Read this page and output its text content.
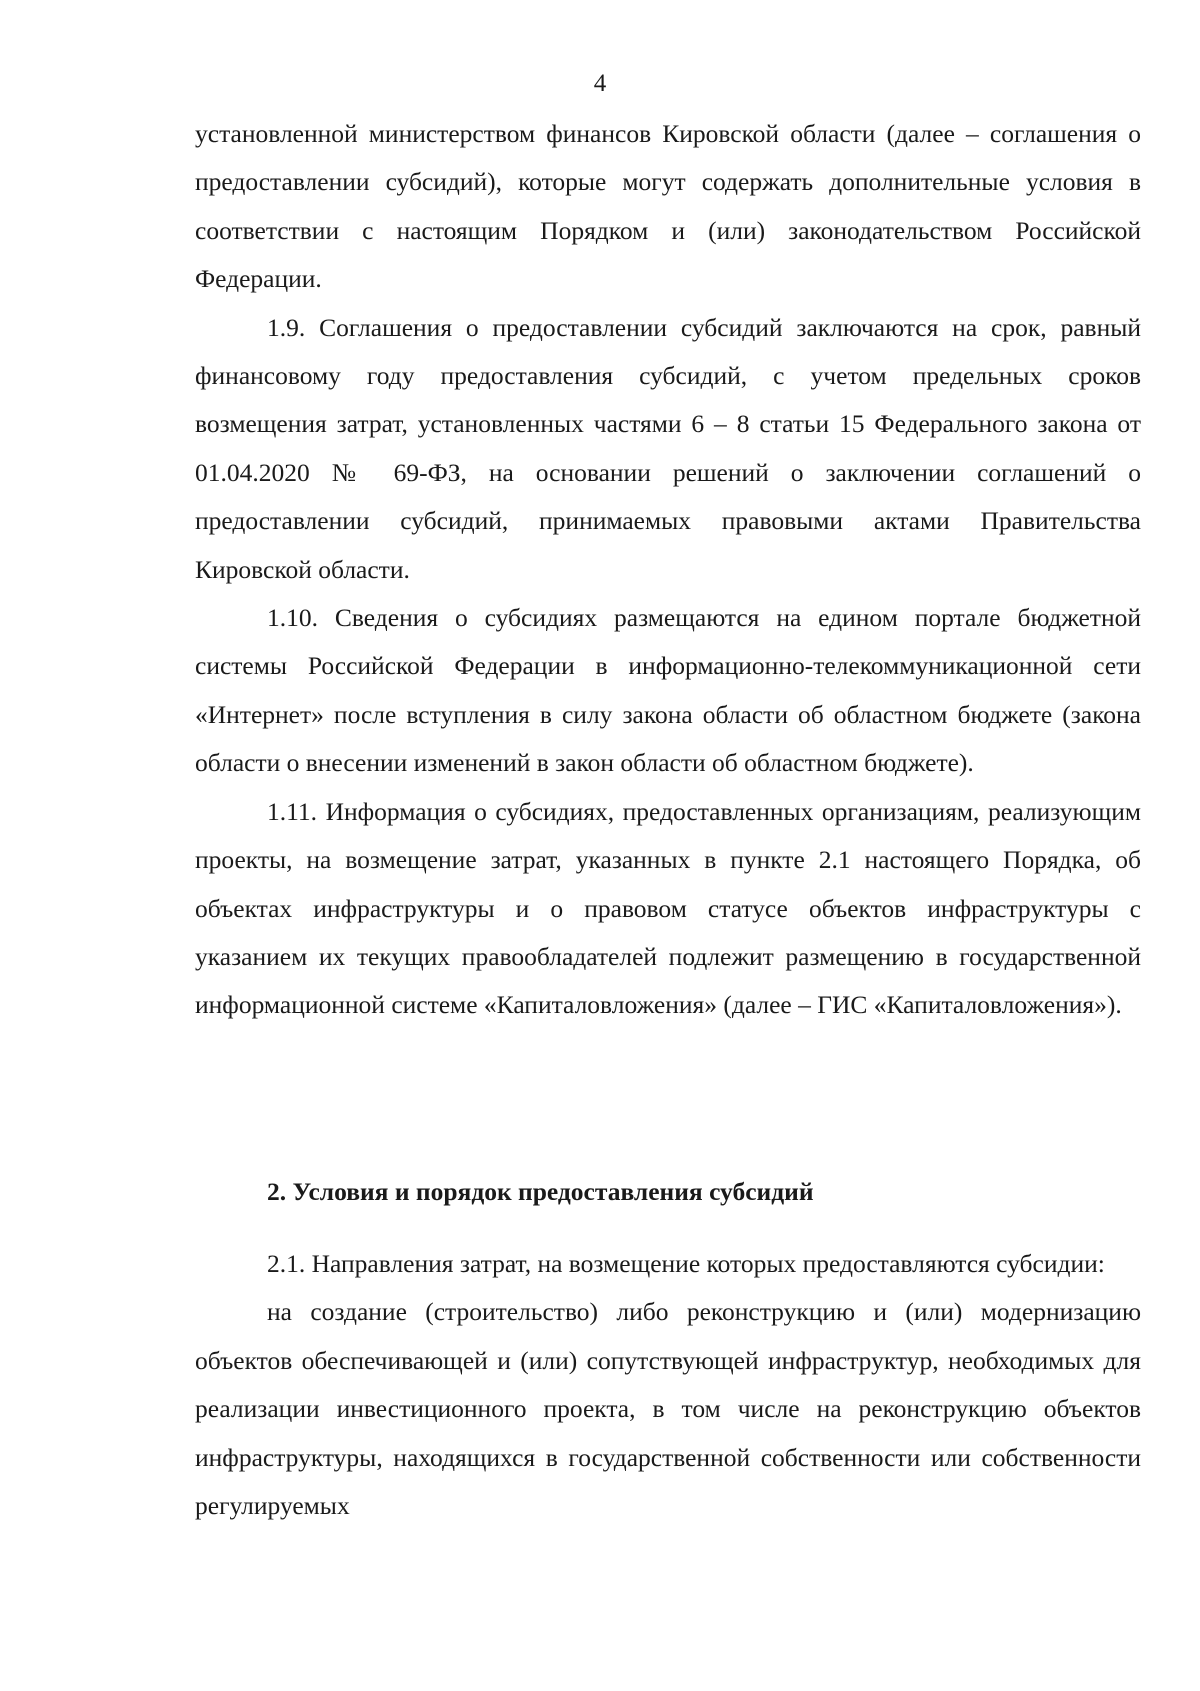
4

установленной министерством финансов Кировской области (далее – соглашения о предоставлении субсидий), которые могут содержать дополнительные условия в соответствии с настоящим Порядком и (или) законодательством Российской Федерации.

1.9. Соглашения о предоставлении субсидий заключаются на срок, равный финансовому году предоставления субсидий, с учетом предельных сроков возмещения затрат, установленных частями 6 – 8 статьи 15 Федерального закона от 01.04.2020 № 69-ФЗ, на основании решений о заключении соглашений о предоставлении субсидий, принимаемых правовыми актами Правительства Кировской области.

1.10. Сведения о субсидиях размещаются на едином портале бюджетной системы Российской Федерации в информационно-телекоммуникационной сети «Интернет» после вступления в силу закона области об областном бюджете (закона области о внесении изменений в закон области об областном бюджете).

1.11. Информация о субсидиях, предоставленных организациям, реализующим проекты, на возмещение затрат, указанных в пункте 2.1 настоящего Порядка, об объектах инфраструктуры и о правовом статусе объектов инфраструктуры с указанием их текущих правообладателей подлежит размещению в государственной информационной системе «Капиталовложения» (далее – ГИС «Капиталовложения»).

2. Условия и порядок предоставления субсидий

2.1. Направления затрат, на возмещение которых предоставляются субсидии:

на создание (строительство) либо реконструкцию и (или) модернизацию объектов обеспечивающей и (или) сопутствующей инфраструктур, необходимых для реализации инвестиционного проекта, в том числе на реконструкцию объектов инфраструктуры, находящихся в государственной собственности или собственности регулируемых
